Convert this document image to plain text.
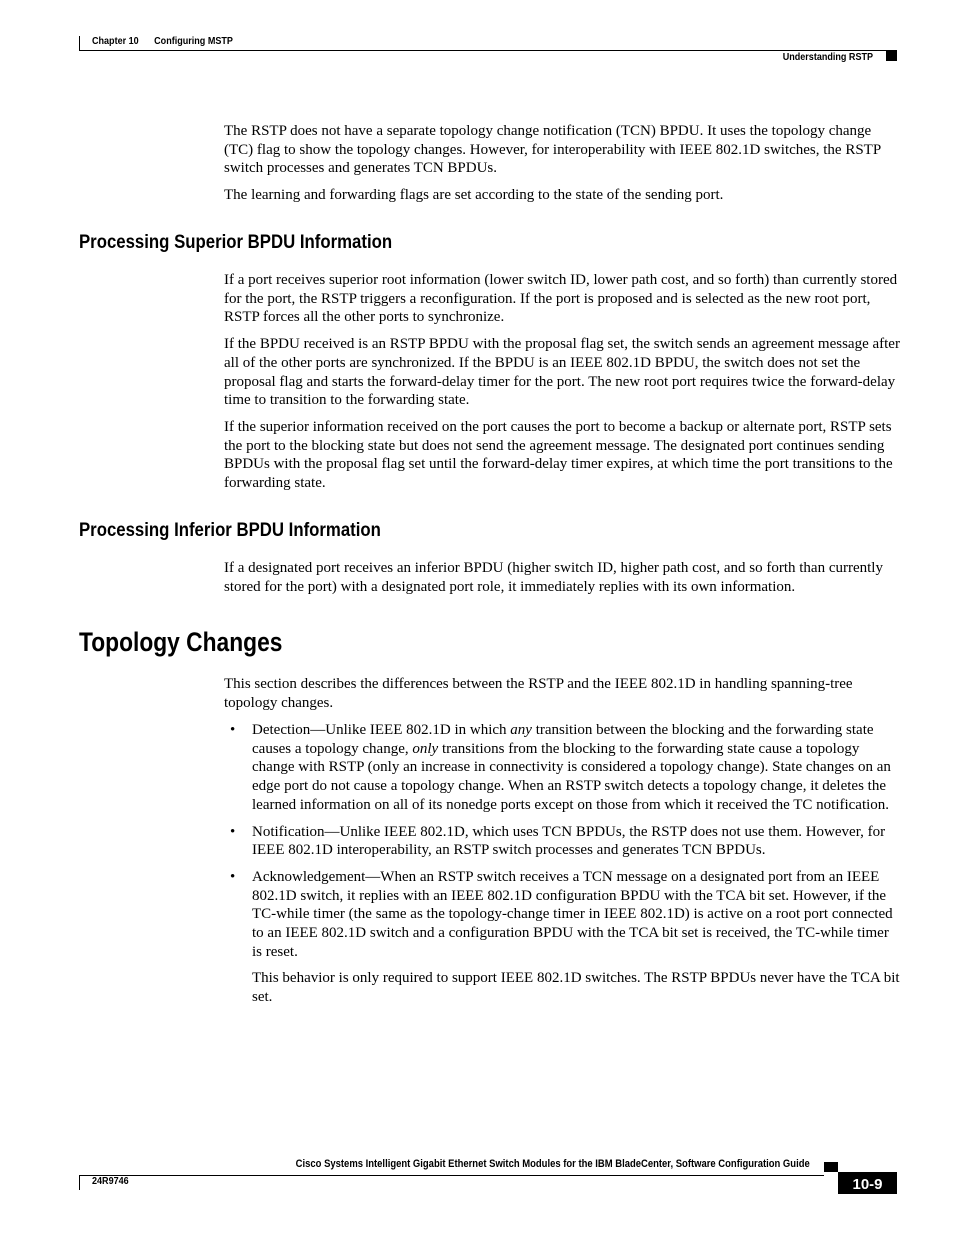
Chapter 10 Configuring MSTP
Understanding RSTP

The RSTP does not have a separate topology change notification (TCN) BPDU. It uses the topology change (TC) flag to show the topology changes. However, for interoperability with IEEE 802.1D switches, the RSTP switch processes and generates TCN BPDUs.

The learning and forwarding flags are set according to the state of the sending port.

Processing Superior BPDU Information

If a port receives superior root information (lower switch ID, lower path cost, and so forth) than currently stored for the port, the RSTP triggers a reconfiguration. If the port is proposed and is selected as the new root port, RSTP forces all the other ports to synchronize.

If the BPDU received is an RSTP BPDU with the proposal flag set, the switch sends an agreement message after all of the other ports are synchronized. If the BPDU is an IEEE 802.1D BPDU, the switch does not set the proposal flag and starts the forward-delay timer for the port. The new root port requires twice the forward-delay time to transition to the forwarding state.

If the superior information received on the port causes the port to become a backup or alternate port, RSTP sets the port to the blocking state but does not send the agreement message. The designated port continues sending BPDUs with the proposal flag set until the forward-delay timer expires, at which time the port transitions to the forwarding state.

Processing Inferior BPDU Information

If a designated port receives an inferior BPDU (higher switch ID, higher path cost, and so forth than currently stored for the port) with a designated port role, it immediately replies with its own information.

Topology Changes

This section describes the differences between the RSTP and the IEEE 802.1D in handling spanning-tree topology changes.

• Detection—Unlike IEEE 802.1D in which any transition between the blocking and the forwarding state causes a topology change, only transitions from the blocking to the forwarding state cause a topology change with RSTP (only an increase in connectivity is considered a topology change). State changes on an edge port do not cause a topology change. When an RSTP switch detects a topology change, it deletes the learned information on all of its nonedge ports except on those from which it received the TC notification.
• Notification—Unlike IEEE 802.1D, which uses TCN BPDUs, the RSTP does not use them. However, for IEEE 802.1D interoperability, an RSTP switch processes and generates TCN BPDUs.
• Acknowledgement—When an RSTP switch receives a TCN message on a designated port from an IEEE 802.1D switch, it replies with an IEEE 802.1D configuration BPDU with the TCA bit set. However, if the TC-while timer (the same as the topology-change timer in IEEE 802.1D) is active on a root port connected to an IEEE 802.1D switch and a configuration BPDU with the TCA bit set is received, the TC-while timer is reset.
This behavior is only required to support IEEE 802.1D switches. The RSTP BPDUs never have the TCA bit set.
Cisco Systems Intelligent Gigabit Ethernet Switch Modules for the IBM BladeCenter, Software Configuration Guide
24R9746	10-9
